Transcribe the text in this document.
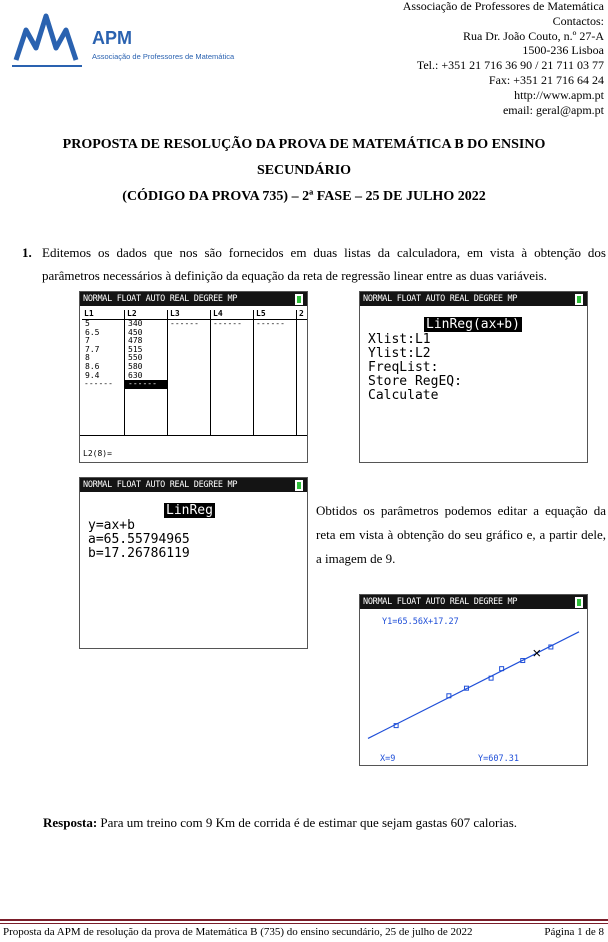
APM
Associação de Professores de Matemática
Associação de Professores de Matemática
Contactos:
Rua Dr. João Couto, n.º 27-A
1500-236 Lisboa
Tel.: +351 21 716 36 90 / 21 711 03 77
Fax: +351 21 716 64 24
http://www.apm.pt
email: geral@apm.pt
PROPOSTA DE RESOLUÇÃO DA PROVA DE MATEMÁTICA B DO ENSINO
SECUNDÁRIO
(CÓDIGO DA PROVA 735) – 2ª FASE – 25 DE JULHO 2022
1. Editemos os dados que nos são fornecidos em duas listas da calculadora, em vista à obtenção dos parâmetros necessários à definição da equação da reta de regressão linear entre as duas variáveis.
NORMAL FLOAT AUTO REAL DEGREE MP
L1
5
6.5
7
7.7
8
8.6
9.4
------
L2
340
450
478
515
550
580
630
------
L3
------
L4
------
L5
------
2
L2(8)=
NORMAL FLOAT AUTO REAL DEGREE MP
LinReg(ax+b)
Xlist:L1
Ylist:L2
FreqList:
Store RegEQ:
Calculate
NORMAL FLOAT AUTO REAL DEGREE MP
LinReg
y=ax+b
a=65.55794965
b=17.26786119
Obtidos os parâmetros podemos editar a equação da reta em vista à obtenção do seu gráfico e, a partir dele, a imagem de 9.
NORMAL FLOAT AUTO REAL DEGREE MP
Y1=65.56X+17.27
X=9	Y=607.31
Resposta: Para um treino com 9 Km de corrida é de estimar que sejam gastas 607 calorias.
Proposta da APM de resolução da prova de Matemática B (735) do ensino secundário, 25 de julho de 2022	Página 1 de 8
